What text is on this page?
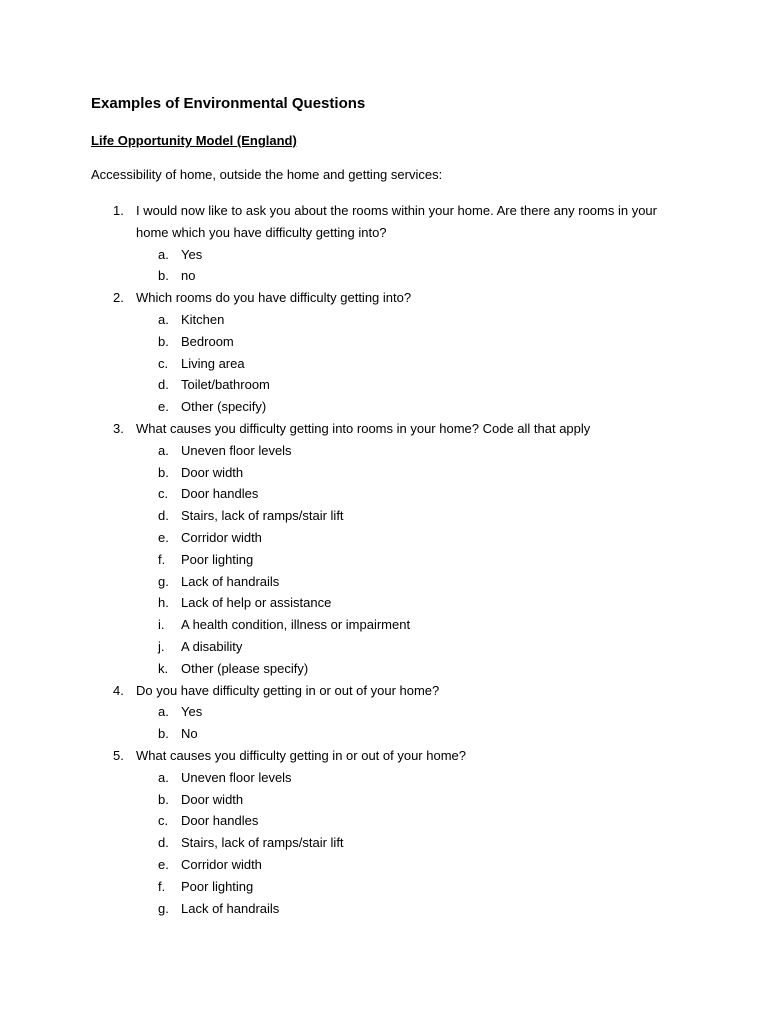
Examples of Environmental Questions
Life Opportunity Model (England)

Accessibility of home, outside the home and getting services:

1. I would now like to ask you about the rooms within your home. Are there any rooms in your home which you have difficulty getting into?
a. Yes
b. no
2. Which rooms do you have difficulty getting into?
a. Kitchen
b. Bedroom
c. Living area
d. Toilet/bathroom
e. Other (specify)
3. What causes you difficulty getting into rooms in your home? Code all that apply
a. Uneven floor levels
b. Door width
c. Door handles
d. Stairs, lack of ramps/stair lift
e. Corridor width
f.	Poor lighting
g. Lack of handrails
h. Lack of help or assistance
i.	A health condition, illness or impairment
j.	A disability
k. Other (please specify)
4. Do you have difficulty getting in or out of your home?
a. Yes
b. No
5. What causes you difficulty getting in or out of your home?
a. Uneven floor levels
b. Door width
c. Door handles
d. Stairs, lack of ramps/stair lift
e. Corridor width
f.	Poor lighting
g. Lack of handrails
